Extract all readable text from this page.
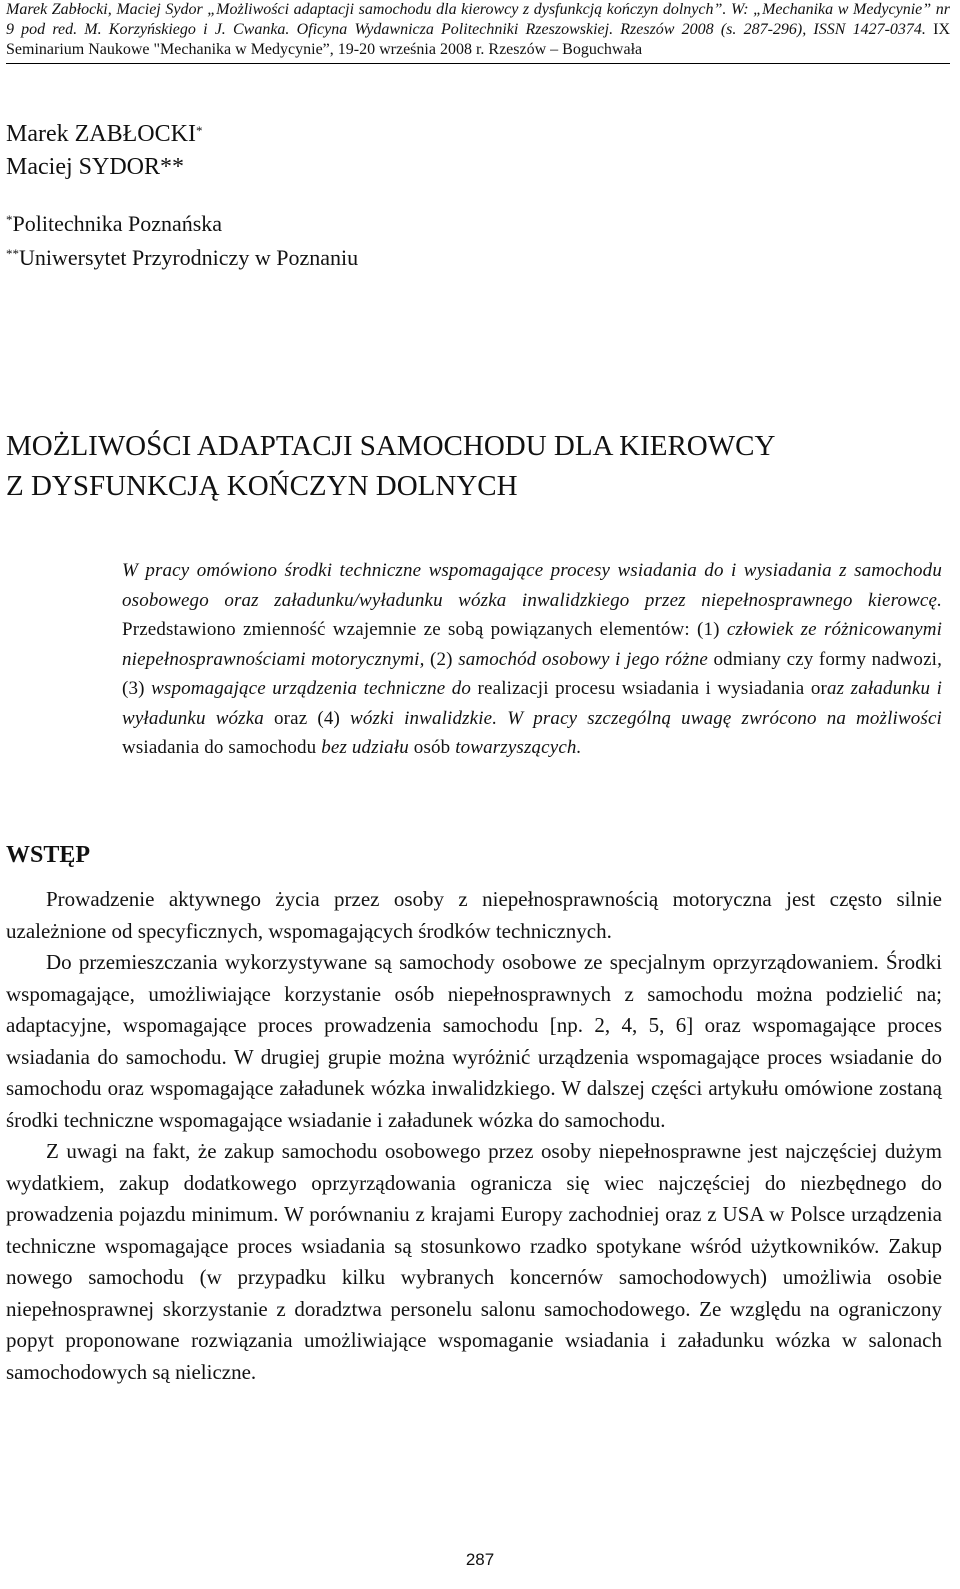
Marek Zabłocki, Maciej Sydor „Możliwości adaptacji samochodu dla kierowcy z dysfunkcją kończyn dolnych”. W: „Mechanika w Medycynie” nr 9 pod red. M. Korzyńskiego i J. Cwanka. Oficyna Wydawnicza Politechniki Rzeszowskiej. Rzeszów 2008 (s. 287-296), ISSN 1427-0374. IX Seminarium Naukowe "Mechanika w Medycynie”, 19-20 września 2008 r. Rzeszów – Boguchwała
Marek ZABŁOCKI*
Maciej SYDOR**
*Politechnika Poznańska
**Uniwersytet Przyrodniczy w Poznaniu
MOŻLIWOŚCI ADAPTACJI SAMOCHODU DLA KIEROWCY
Z DYSFUNKCJĄ KOŃCZYN DOLNYCH
W pracy omówiono środki techniczne wspomagające procesy wsiadania do i wysiadania z samochodu osobowego oraz załadunku/wyładunku wózka inwalidzkiego przez niepełnosprawnego kierowcę. Przedstawiono zmienność wzajemnie ze sobą powiązanych elementów: (1) człowiek ze różnicowanymi niepełnosprawnościami motorycznymi, (2) samochód osobowy i jego różne odmiany czy formy nadwozi, (3) wspomagające urządzenia techniczne do realizacji procesu wsiadania i wysiadania oraz załadunku i wyładunku wózka oraz (4) wózki inwalidzkie. W pracy szczególną uwagę zwrócono na możliwości wsiadania do samochodu bez udziału osób towarzyszących.
WSTĘP

Prowadzenie aktywnego życia przez osoby z niepełnosprawnością motoryczna jest często silnie uzależnione od specyficznych, wspomagających środków technicznych.

Do przemieszczania wykorzystywane są samochody osobowe ze specjalnym oprzyrządowaniem. Środki wspomagające, umożliwiające korzystanie osób niepełnosprawnych z samochodu można podzielić na; adaptacyjne, wspomagające proces prowadzenia samochodu [np. 2, 4, 5, 6] oraz wspomagające proces wsiadania do samochodu. W drugiej grupie można wyróżnić urządzenia wspomagające proces wsiadanie do samochodu oraz wspomagające załadunek wózka inwalidzkiego. W dalszej części artykułu omówione zostaną środki techniczne wspomagające wsiadanie i załadunek wózka do samochodu.

Z uwagi na fakt, że zakup samochodu osobowego przez osoby niepełnosprawne jest najczęściej dużym wydatkiem, zakup dodatkowego oprzyrządowania ogranicza się wiec najczęściej do niezbędnego do prowadzenia pojazdu minimum. W porównaniu z krajami Europy zachodniej oraz z USA w Polsce urządzenia techniczne wspomagające proces wsiadania są stosunkowo rzadko spotykane wśród użytkowników. Zakup nowego samochodu (w przypadku kilku wybranych koncernów samochodowych) umożliwia osobie niepełnosprawnej skorzystanie z doradztwa personelu salonu samochodowego. Ze względu na ograniczony popyt proponowane rozwiązania umożliwiające wspomaganie wsiadania i załadunku wózka w salonach samochodowych są nieliczne.

287
